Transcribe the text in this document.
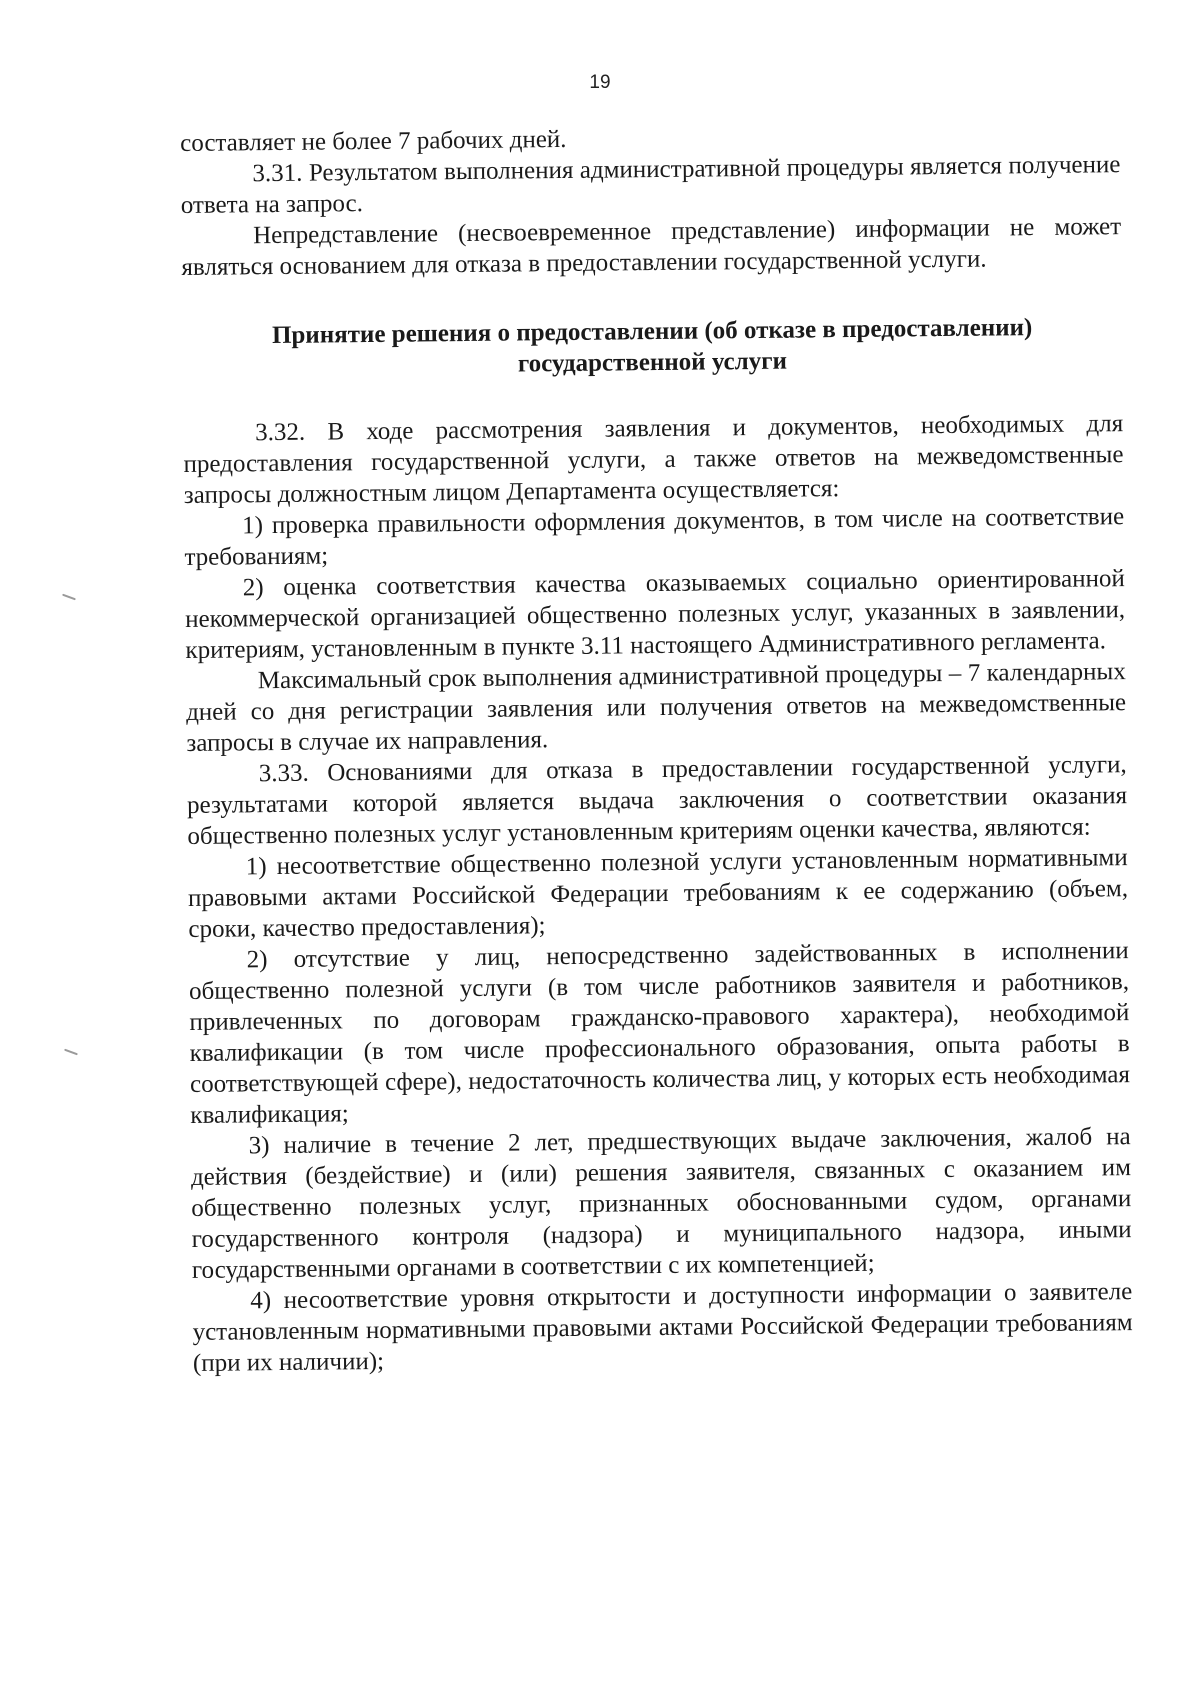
19

составляет не более 7 рабочих дней.

3.31. Результатом выполнения административной процедуры является получение ответа на запрос.

Непредставление (несвоевременное представление) информации не может являться основанием для отказа в предоставлении государственной услуги.

Принятие решения о предоставлении (об отказе в предоставлении)
государственной услуги

3.32. В ходе рассмотрения заявления и документов, необходимых для предоставления государственной услуги, а также ответов на межведомственные запросы должностным лицом Департамента осуществляется:

1) проверка правильности оформления документов, в том числе на соответствие требованиям;

2) оценка соответствия качества оказываемых социально ориентированной некоммерческой организацией общественно полезных услуг, указанных в заявлении, критериям, установленным в пункте 3.11 настоящего Административного регламента.

Максимальный срок выполнения административной процедуры – 7 календарных дней со дня регистрации заявления или получения ответов на межведомственные запросы в случае их направления.

3.33. Основаниями для отказа в предоставлении государственной услуги, результатами которой является выдача заключения о соответствии оказания общественно полезных услуг установленным критериям оценки качества, являются:

1) несоответствие общественно полезной услуги установленным нормативными правовыми актами Российской Федерации требованиям к ее содержанию (объем, сроки, качество предоставления);

2) отсутствие у лиц, непосредственно задействованных в исполнении общественно полезной услуги (в том числе работников заявителя и работников, привлеченных по договорам гражданско-правового характера), необходимой квалификации (в том числе профессионального образования, опыта работы в соответствующей сфере), недостаточность количества лиц, у которых есть необходимая квалификация;

3) наличие в течение 2 лет, предшествующих выдаче заключения, жалоб на действия (бездействие) и (или) решения заявителя, связанных с оказанием им общественно полезных услуг, признанных обоснованными судом, органами государственного контроля (надзора) и муниципального надзора, иными государственными органами в соответствии с их компетенцией;

4) несоответствие уровня открытости и доступности информации о заявителе установленным нормативными правовыми актами Российской Федерации требованиям (при их наличии);
